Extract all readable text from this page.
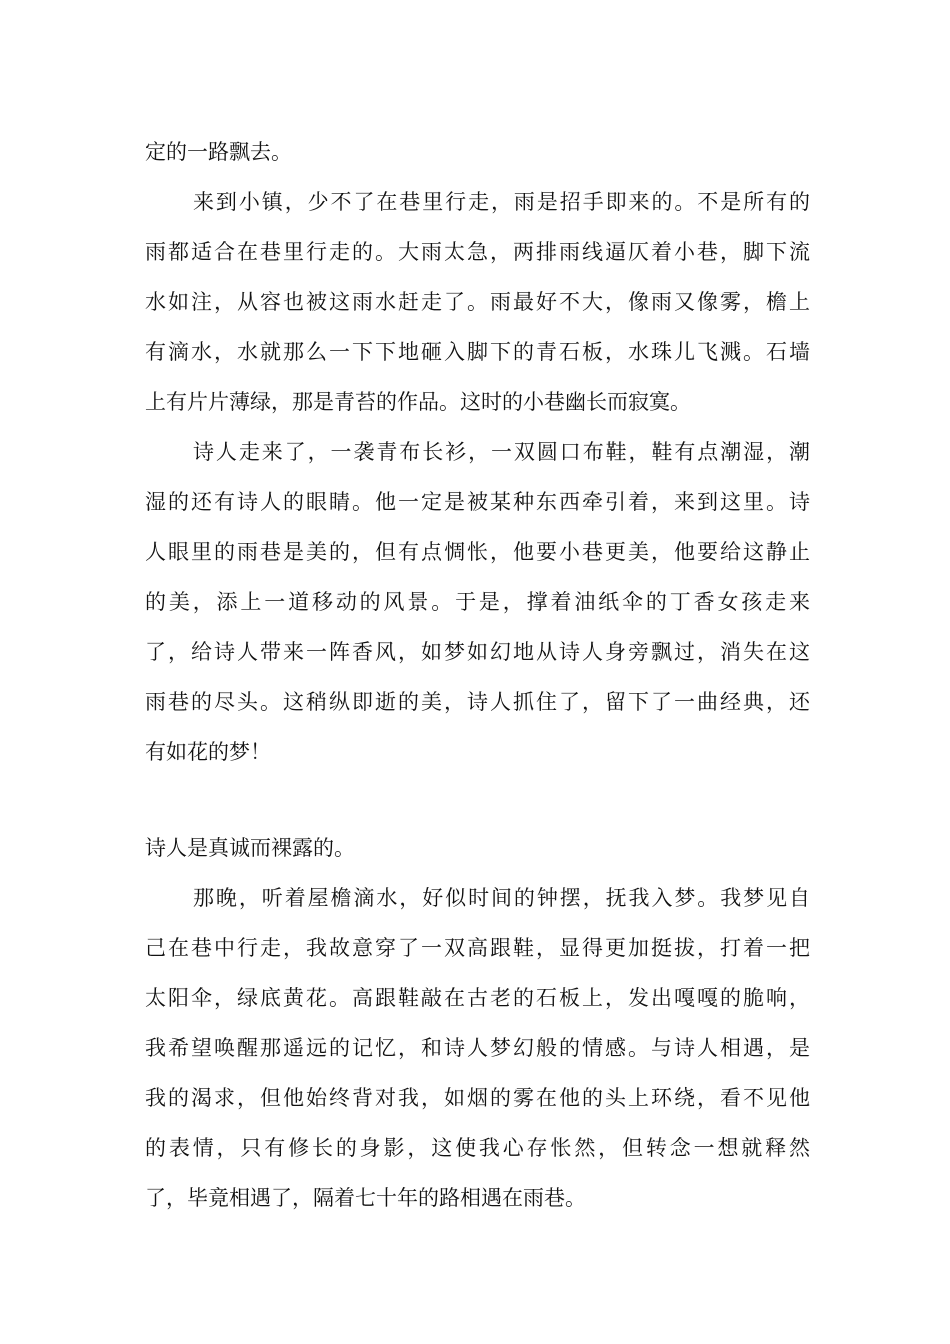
定的一路飘去。

来到小镇，少不了在巷里行走，雨是招手即来的。不是所有的

雨都适合在巷里行走的。大雨太急，两排雨线逼仄着小巷，脚下流

水如注，从容也被这雨水赶走了。雨最好不大，像雨又像雾，檐上

有滴水，水就那么一下下地砸入脚下的青石板，水珠儿飞溅。石墙

上有片片薄绿，那是青苔的作品。这时的小巷幽长而寂寞。

诗人走来了，一袭青布长衫，一双圆口布鞋，鞋有点潮湿，潮

湿的还有诗人的眼睛。他一定是被某种东西牵引着，来到这里。诗

人眼里的雨巷是美的，但有点惆怅，他要小巷更美，他要给这静止

的美，添上一道移动的风景。于是，撑着油纸伞的丁香女孩走来

了，给诗人带来一阵香风，如梦如幻地从诗人身旁飘过，消失在这

雨巷的尽头。这稍纵即逝的美，诗人抓住了，留下了一曲经典，还

有如花的梦！

诗人是真诚而裸露的。

那晚，听着屋檐滴水，好似时间的钟摆，抚我入梦。我梦见自

己在巷中行走，我故意穿了一双高跟鞋，显得更加挺拔，打着一把

太阳伞，绿底黄花。高跟鞋敲在古老的石板上，发出嘎嘎的脆响，

我希望唤醒那遥远的记忆，和诗人梦幻般的情感。与诗人相遇，是

我的渴求，但他始终背对我，如烟的雾在他的头上环绕，看不见他

的表情，只有修长的身影，这使我心存怅然，但转念一想就释然

了，毕竟相遇了，隔着七十年的路相遇在雨巷。
